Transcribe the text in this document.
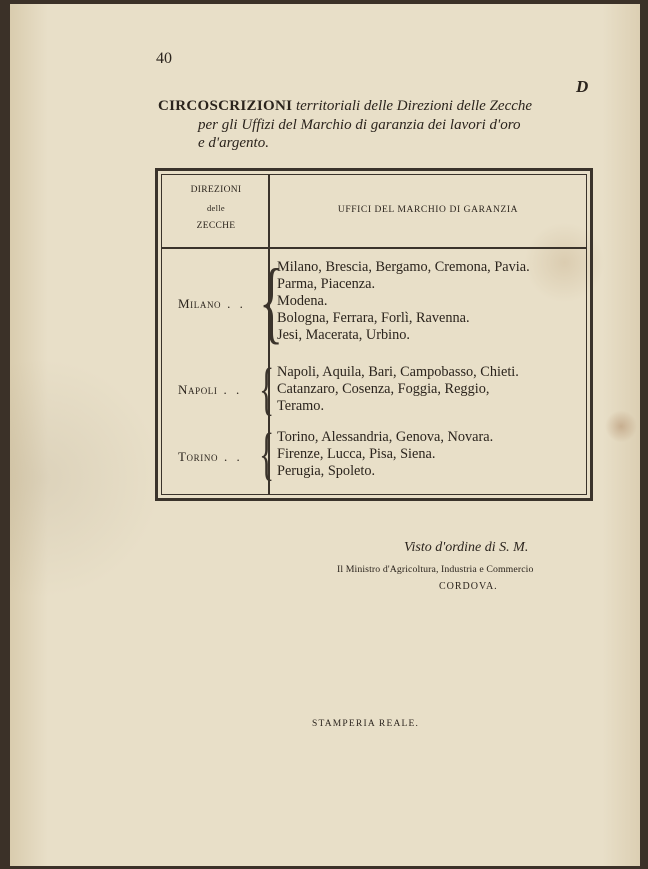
40
D
CIRCOSCRIZIONI territoriali delle Direzioni delle Zecche
per gli Uffizi del Marchio di garanzia dei lavori d'oro
e d'argento.
DIREZIONI
delle
ZECCHE
UFFICI DEL MARCHIO DI GARANZIA
Milano . . {
Milano, Brescia, Bergamo, Cremona, Pavia.
Parma, Piacenza.
Modena.
Bologna, Ferrara, Forlì, Ravenna.
Jesi, Macerata, Urbino.
Napoli . . { Napoli, Aquila, Bari, Campobasso, Chieti.
Catanzaro, Cosenza, Foggia, Reggio,
Teramo.
Torino . . { Torino, Alessandria, Genova, Novara.
Firenze, Lucca, Pisa, Siena.
Perugia, Spoleto.
Visto d'ordine di S. M.
Il Ministro d'Agricoltura, Industria e Commercio
CORDOVA.
STAMPERIA REALE.
